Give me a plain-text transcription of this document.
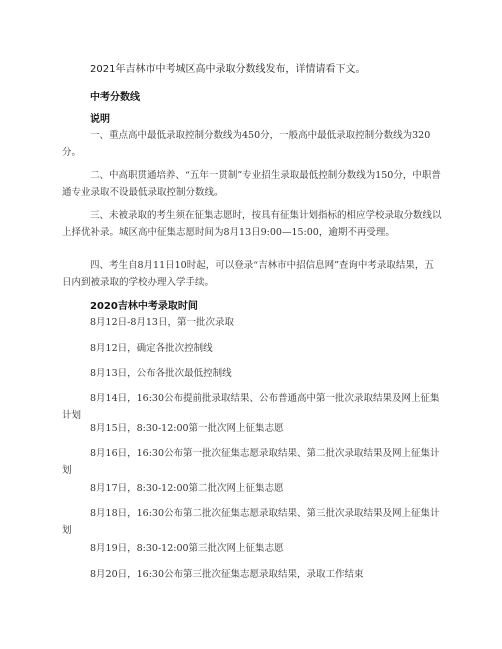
2021年吉林市中考城区高中录取分数线发布，详情请看下文。
中考分数线
说明

一、重点高中最低录取控制分数线为450分，一般高中最低录取控制分数线为320分。

二、中高职贯通培养、“五年一贯制”专业招生录取最低控制分数线为150分，中职普通专业录取不设最低录取控制分数线。

三、未被录取的考生须在征集志愿时，按具有征集计划指标的相应学校录取分数线以上择优补录。城区高中征集志愿时间为8月13日9:00—15:00，逾期不再受理。

四、考生自8月11日10时起，可以登录“吉林市中招信息网”查询中考录取结果，五日内到被录取的学校办理入学手续。

2020吉林中考录取时间

8月12日-8月13日，第一批次录取

8月12日，确定各批次控制线

8月13日，公布各批次最低控制线

8月14日，16:30公布提前批录取结果、公布普通高中第一批次录取结果及网上征集计划

8月15日，8:30-12:00第一批次网上征集志愿

8月16日，16:30公布第一批次征集志愿录取结果、第二批次录取结果及网上征集计划

8月17日，8:30-12:00第二批次网上征集志愿

8月18日，16:30公布第二批次征集志愿录取结果、第三批次录取结果及网上征集计划

8月19日，8:30-12:00第三批次网上征集志愿

8月20日，16:30公布第三批次征集志愿录取结果，录取工作结束
